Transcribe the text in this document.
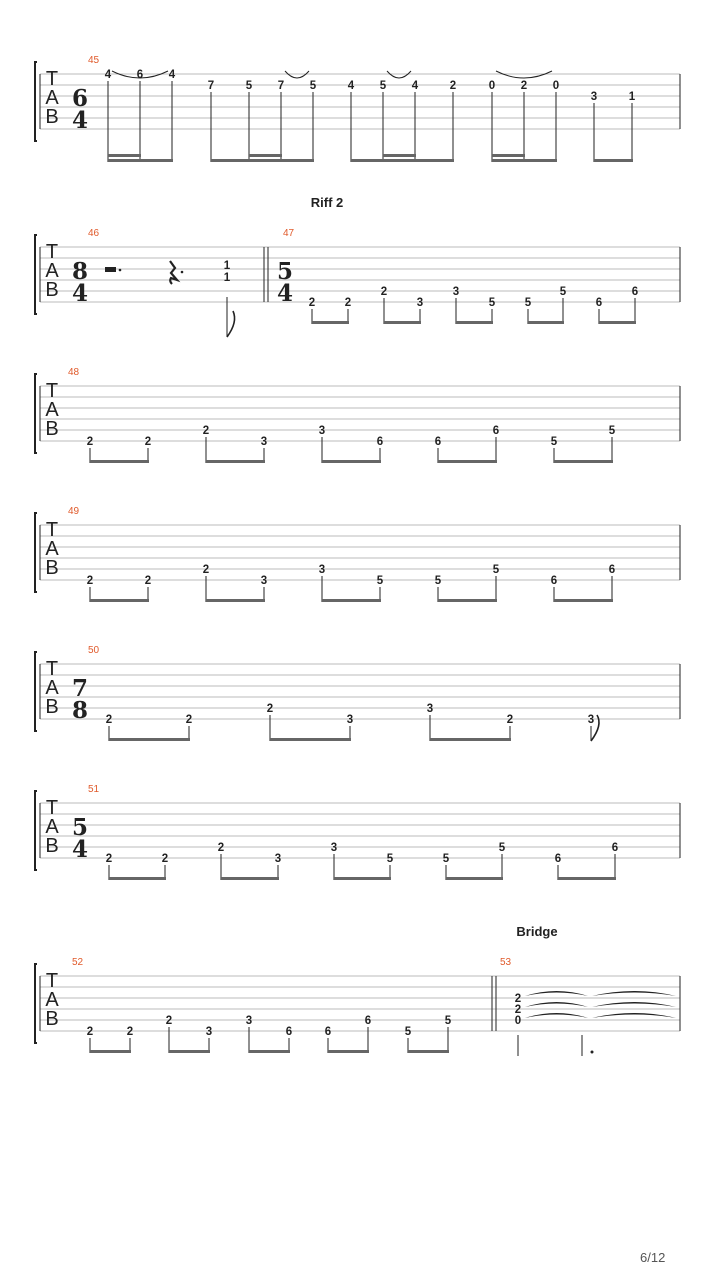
T
A
B
45
6
4
4 6 4
7	5 7 5	4 5 4	2	0 2 0
3	1
T
A
B
Riff 2
46
8
4
1
1
47
5
4 2	2
2
3
3
5	5
5
6
6
T
A
B
48
2	2
2
3
3
6	6
6
5
5
T
A
B
49
2	2
2
3
3
5	5
5
6
6
T
A
B
50
7
8 2	2
2
3
3
2	3
T
A
B
51
5
4 2	2
2
3
3
5	5
5
6
6
T
A
B
Bridge
52
2	2
2
3
3
6	6
6
5
5
53
2
2
0
6/12
